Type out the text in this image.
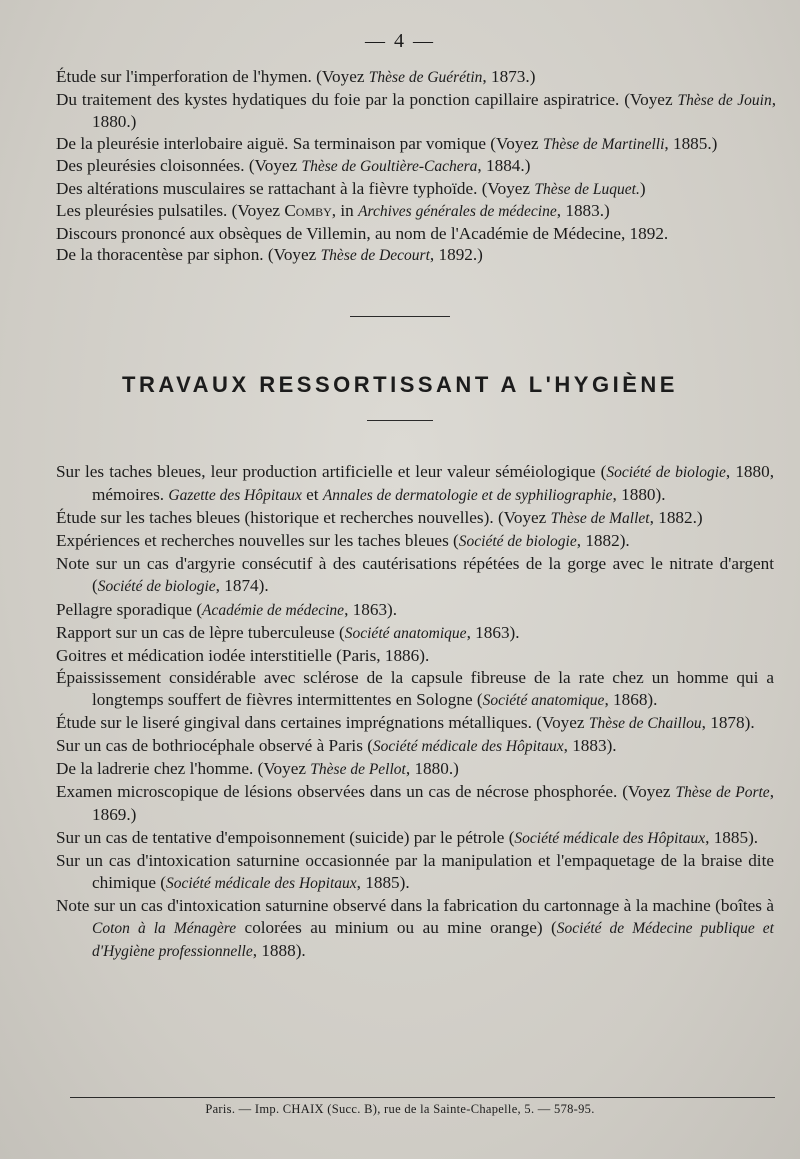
— 4 —
Étude sur l'imperforation de l'hymen. (Voyez Thèse de Guérétin, 1873.)
Du traitement des kystes hydatiques du foie par la ponction capillaire aspiratrice. (Voyez Thèse de Jouin, 1880.)
De la pleurésie interlobaire aiguë. Sa terminaison par vomique (Voyez Thèse de Martinelli, 1885.)
Des pleurésies cloisonnées. (Voyez Thèse de Goultière-Cachera, 1884.)
Des altérations musculaires se rattachant à la fièvre typhoïde. (Voyez Thèse de Luquet.)
Les pleurésies pulsatiles. (Voyez Comby, in Archives générales de médecine, 1883.)
Discours prononcé aux obsèques de Villemin, au nom de l'Académie de Médecine, 1892.
De la thoracentèse par siphon. (Voyez Thèse de Decourt, 1892.)
TRAVAUX RESSORTISSANT A L'HYGIÈNE
Sur les taches bleues, leur production artificielle et leur valeur séméiologique (Société de biologie, 1880, mémoires. Gazette des Hôpitaux et Annales de dermatologie et de syphiliographie, 1880).
Étude sur les taches bleues (historique et recherches nouvelles). (Voyez Thèse de Mallet, 1882.)
Expériences et recherches nouvelles sur les taches bleues (Société de biologie, 1882).
Note sur un cas d'argyrie consécutif à des cautérisations répétées de la gorge avec le nitrate d'argent (Société de biologie, 1874).
Pellagre sporadique (Académie de médecine, 1863).
Rapport sur un cas de lèpre tuberculeuse (Société anatomique, 1863).
Goitres et médication iodée interstitielle (Paris, 1886).
Épaississement considérable avec sclérose de la capsule fibreuse de la rate chez un homme qui a longtemps souffert de fièvres intermittentes en Sologne (Société anatomique, 1868).
Étude sur le liseré gingival dans certaines imprégnations métalliques. (Voyez Thèse de Chaillou, 1878).
Sur un cas de bothriocéphale observé à Paris (Société médicale des Hôpitaux, 1883).
De la ladrerie chez l'homme. (Voyez Thèse de Pellot, 1880.)
Examen microscopique de lésions observées dans un cas de nécrose phosphorée. (Voyez Thèse de Porte, 1869.)
Sur un cas de tentative d'empoisonnement (suicide) par le pétrole (Société médicale des Hôpitaux, 1885).
Sur un cas d'intoxication saturnine occasionnée par la manipulation et l'empaquetage de la braise dite chimique (Société médicale des Hopitaux, 1885).
Note sur un cas d'intoxication saturnine observé dans la fabrication du cartonnage à la machine (boîtes à Coton à la Ménagère colorées au minium ou au mine orange) (Société de Médecine publique et d'Hygiène professionnelle, 1888).
Paris. — Imp. CHAIX (Succ. B), rue de la Sainte-Chapelle, 5. — 578-95.
